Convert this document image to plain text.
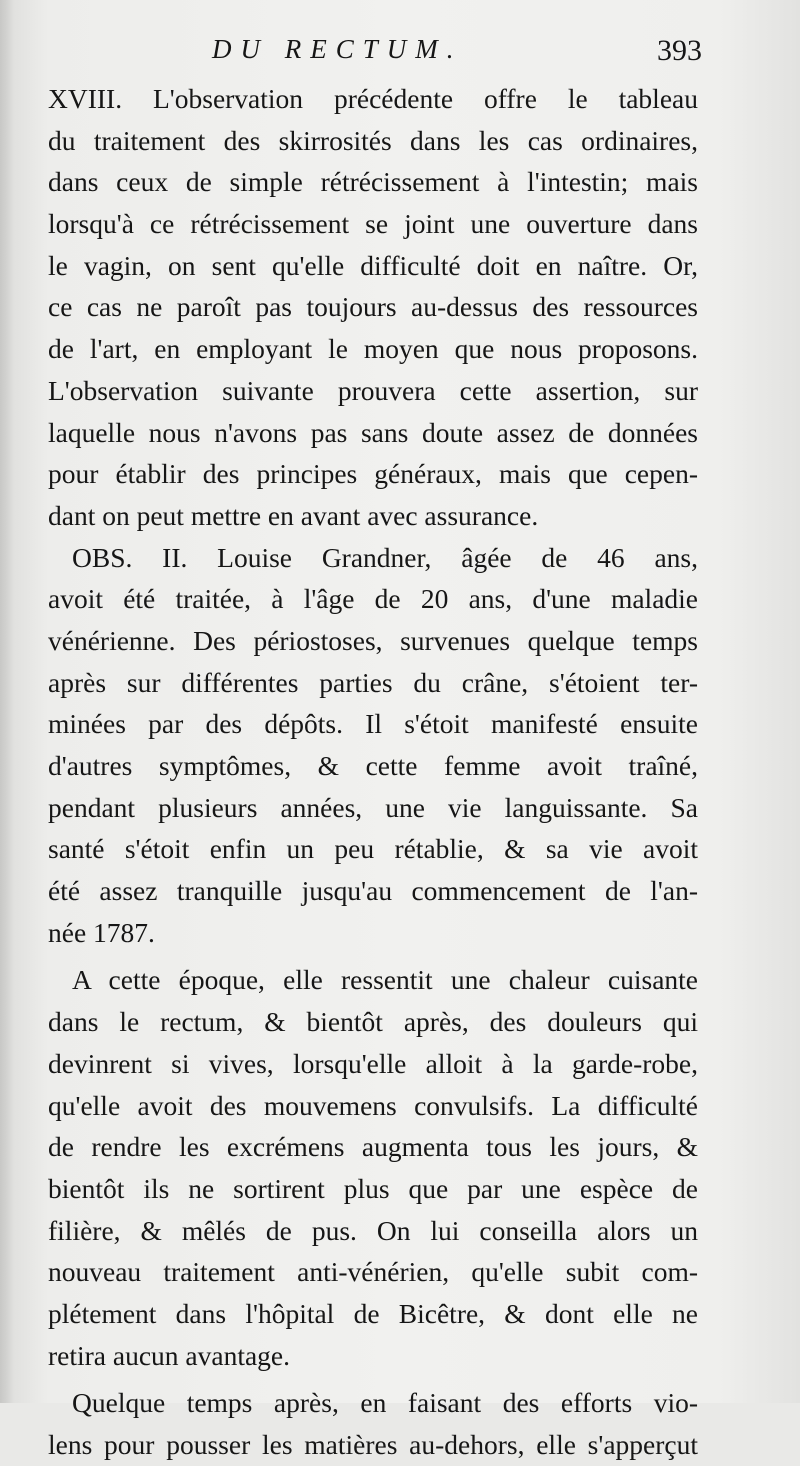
DU RECTUM.	393
XVIII. L'observation précédente offre le tableau
du traitement des skirrosités dans les cas ordinaires,
dans ceux de simple rétrécissement à l'intestin; mais
lorsqu'à ce rétrécissement se joint une ouverture dans
le vagin, on sent qu'elle difficulté doit en naître. Or,
ce cas ne paroît pas toujours au-dessus des ressources
de l'art, en employant le moyen que nous proposons.
L'observation suivante prouvera cette assertion, sur
laquelle nous n'avons pas sans doute assez de données
pour établir des principes généraux, mais que cepen-
dant on peut mettre en avant avec assurance.
OBS. II. Louise Grandner, âgée de 46 ans,
avoit été traitée, à l'âge de 20 ans, d'une maladie
vénérienne. Des périostoses, survenues quelque temps
après sur différentes parties du crâne, s'étoient ter-
minées par des dépôts. Il s'étoit manifesté ensuite
d'autres symptômes, & cette femme avoit traîné,
pendant plusieurs années, une vie languissante. Sa
santé s'étoit enfin un peu rétablie, & sa vie avoit
été assez tranquille jusqu'au commencement de l'an-
née 1787.
A cette époque, elle ressentit une chaleur cuisante
dans le rectum, & bientôt après, des douleurs qui
devinrent si vives, lorsqu'elle alloit à la garde-robe,
qu'elle avoit des mouvemens convulsifs. La difficulté
de rendre les excrémens augmenta tous les jours, &
bientôt ils ne sortirent plus que par une espèce de
filière, & mêlés de pus. On lui conseilla alors un
nouveau traitement anti-vénérien, qu'elle subit com-
plétement dans l'hôpital de Bicêtre, & dont elle ne
retira aucun avantage.
Quelque temps après, en faisant des efforts vio-
lens pour pousser les matières au-dehors, elle s'apperçut
